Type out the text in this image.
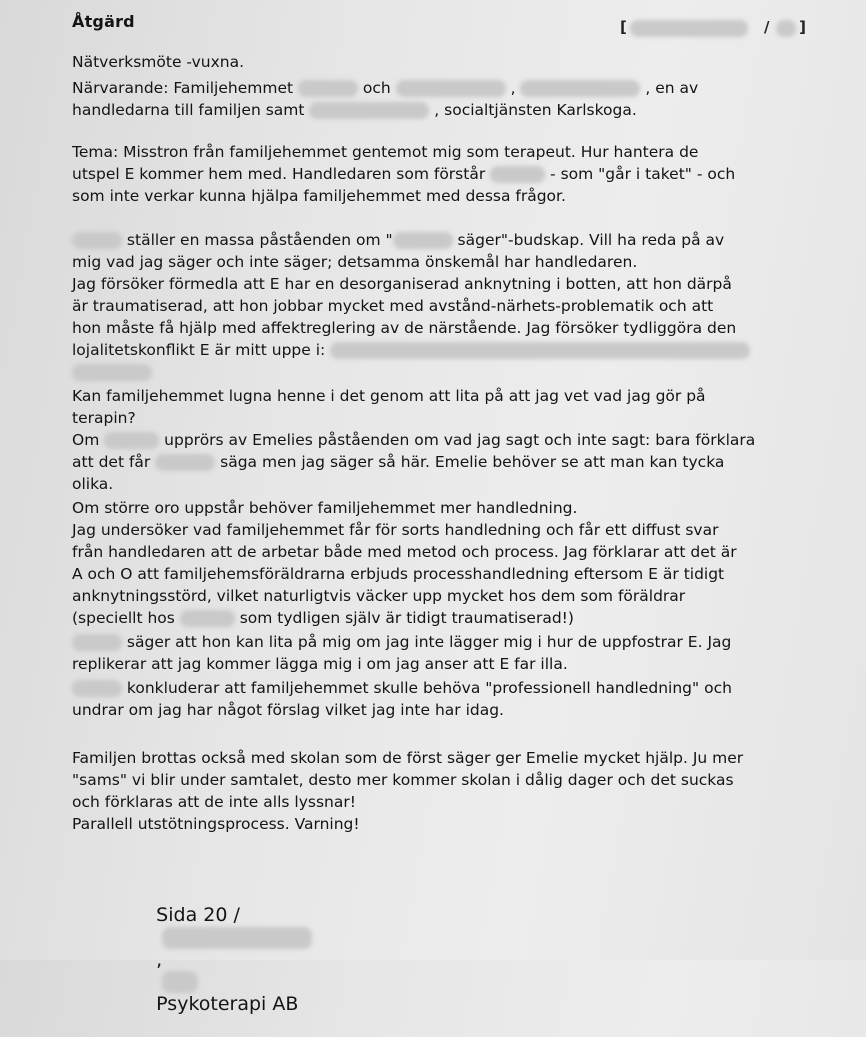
Åtgärd	[	/ ]
Nätverksmöte -vuxna.
Närvarande: Familjehemmet	och	,	, en av
handledarna till familjen samt	, socialtjänsten Karlskoga.
Tema: Misstron från familjehemmet gentemot mig som terapeut. Hur hantera de
utspel E kommer hem med. Handledaren som förstår	- som "går i taket" - och
som inte verkar kunna hjälpa familjehemmet med dessa frågor.
ställer en massa påståenden om "	säger"-budskap. Vill ha reda på av
mig vad jag säger och inte säger; detsamma önskemål har handledaren.
Jag försöker förmedla att E har en desorganiserad anknytning i botten, att hon därpå
är traumatiserad, att hon jobbar mycket med avstånd-närhets-problematik och att
hon måste få hjälp med affektreglering av de närstående. Jag försöker tydliggöra den
lojalitetskonflikt E är mitt uppe i:
Kan familjehemmet lugna henne i det genom att lita på att jag vet vad jag gör på
terapin?
Om	upprörs av Emelies påståenden om vad jag sagt och inte sagt: bara förklara
att det får	säga men jag säger så här. Emelie behöver se att man kan tycka
olika.
Om större oro uppstår behöver familjehemmet mer handledning.
Jag undersöker vad familjehemmet får för sorts handledning och får ett diffust svar
från handledaren att de arbetar både med metod och process. Jag förklarar att det är
A och O att familjehemsföräldrarna erbjuds processhandledning eftersom E är tidigt
anknytningsstörd, vilket naturligtvis väcker upp mycket hos dem som föräldrar
(speciellt hos	som tydligen själv är tidigt traumatiserad!)
säger att hon kan lita på mig om jag inte lägger mig i hur de uppfostrar E. Jag
replikerar att jag kommer lägga mig i om jag anser att E far illa.
konkluderar att familjehemmet skulle behöva "professionell handledning" och
undrar om jag har något förslag vilket jag inte har idag.
Familjen brottas också med skolan som de först säger ger Emelie mycket hjälp. Ju mer
"sams" vi blir under samtalet, desto mer kommer skolan i dålig dager och det suckas
och förklaras att de inte alls lyssnar!
Parallell utstötningsprocess. Varning!

Sida 20 /

,

Psykoterapi AB
